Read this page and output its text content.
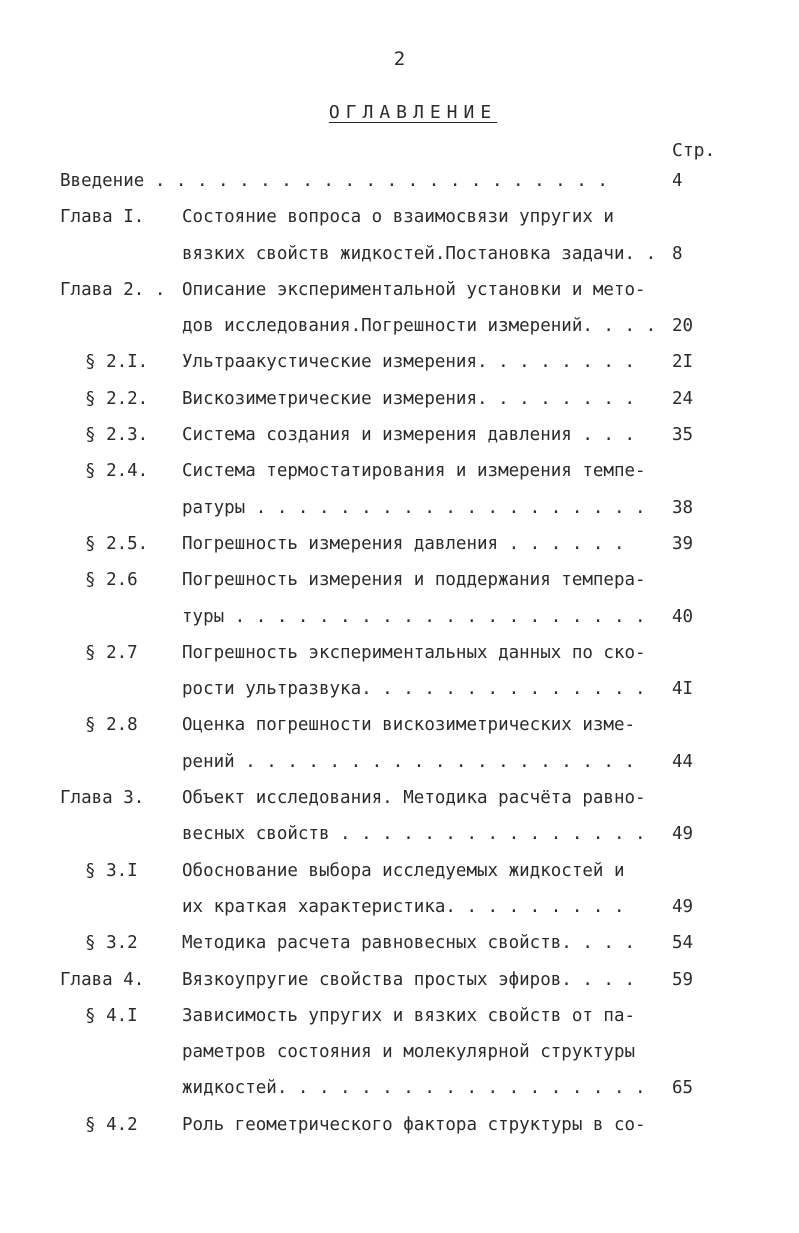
2
ОГЛАВЛЕНИЕ
Стр.
Введение . . . . . . . . . . . . . . . . . . . . . .	4
Глава I. Состояние вопроса о взаимосвязи упругих и
вязких свойств жидкостей.Постановка задачи. . 8
Глава 2. . Описание экспериментальной установки и мето-
дов исследования.Погрешности измерений. . . . 20
§ 2.I. Ультраакустические измерения. . . . . . . . 2I
§ 2.2. Вискозиметрические измерения. . . . . . . . 24
§ 2.3. Система создания и измерения давления . . . 35
§ 2.4. Система термостатирования и измерения темпе-
ратуры . . . . . . . . . . . . . . . . . . . 38
§ 2.5. Погрешность измерения давления . . . . . .	39
§ 2.6	Погрешность измерения и поддержания темпера-
туры . . . . . . . . . . . . . . . . . . . . 40
§ 2.7	Погрешность экспериментальных данных по ско-
рости ультразвука. . . . . . . . . . . . . . 4I
§ 2.8	Оценка погрешности вискозиметрических изме-
рений . . . . . . . . . . . . . . . . . . . 44
Глава 3. Объект исследования. Методика расчёта равно-
весных свойств . . . . . . . . . . . . . . . 49
§ 3.I	Обоснование выбора исследуемых жидкостей и
их краткая характеристика. . . . . . . . .	49
§ 3.2	Методика расчета равновесных свойств. . . . 54
Глава 4. Вязкоупругие свойства простых эфиров. . . . 59
§ 4.I	Зависимость упругих и вязких свойств от па-
раметров состояния и молекулярной структуры
жидкостей. . . . . . . . . . . . . . . . . . 65
§ 4.2	Роль геометрического фактора структуры в со-
